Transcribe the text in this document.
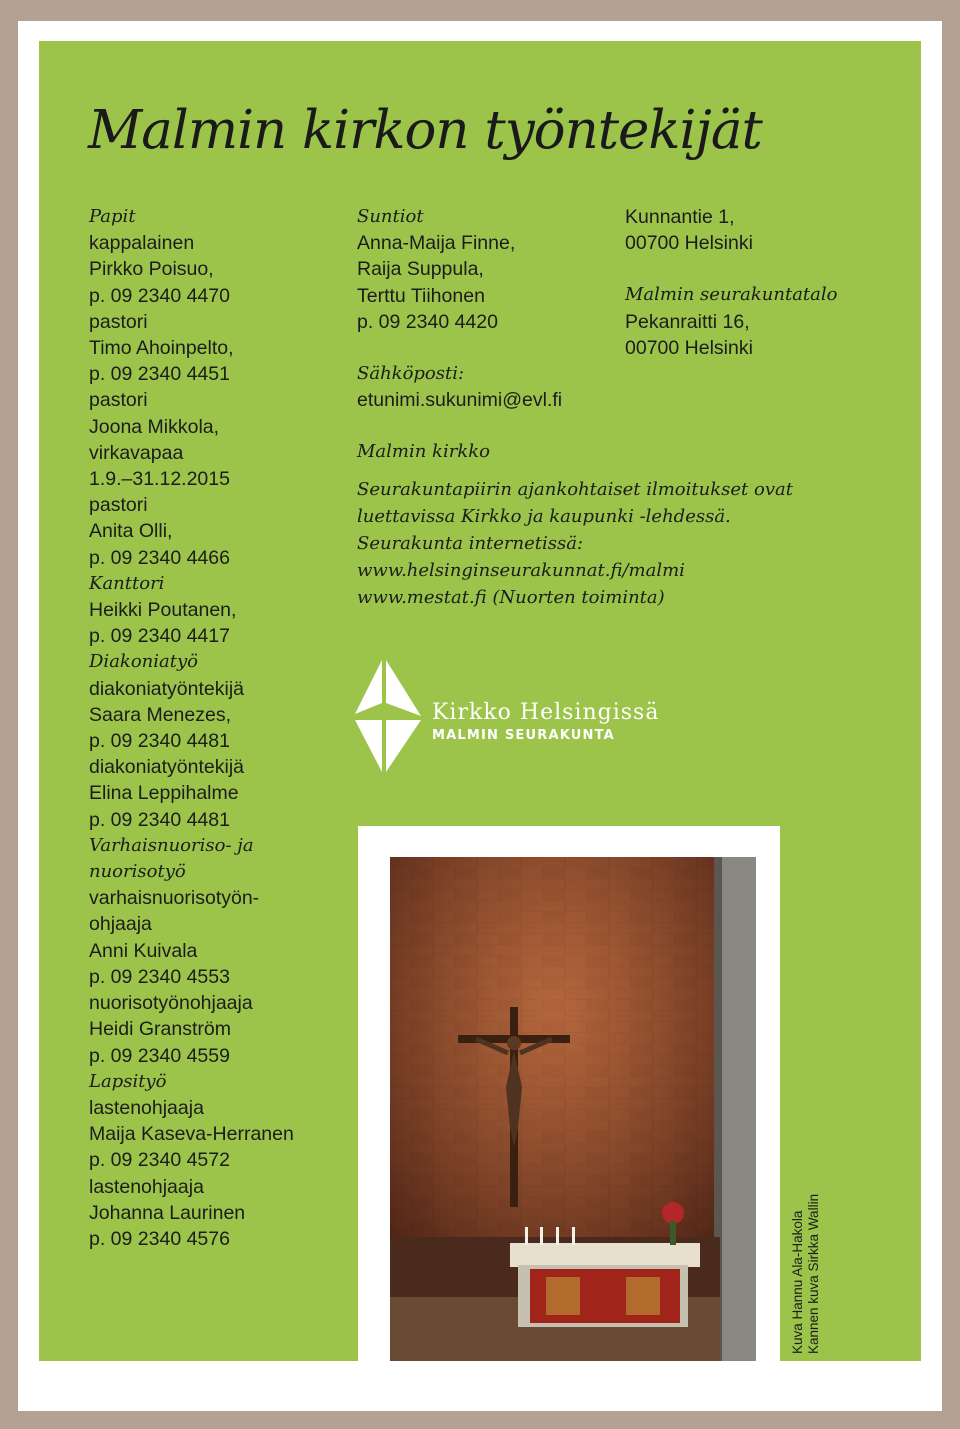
Malmin kirkon työntekijät
Papit
kappalainen
Pirkko Poisuo,
p. 09 2340 4470
pastori
Timo Ahoinpelto,
p. 09 2340 4451
pastori
Joona Mikkola,
virkavapaa
1.9.–31.12.2015
pastori
Anita Olli,
p. 09 2340 4466
Kanttori
Heikki Poutanen,
p. 09 2340 4417
Diakoniatyö
diakoniatyöntekijä
Saara Menezes,
p. 09 2340 4481
diakoniatyöntekijä
Elina Leppihalme
p. 09 2340 4481
Varhaisnuoriso- ja
nuorisotyö
varhaisnuorisotyön-
ohjaaja
Anni Kuivala
p. 09 2340 4553
nuorisotyönohjaaja
Heidi Granström
p. 09 2340 4559
Lapsityö
lastenohjaaja
Maija Kaseva-Herranen
p. 09 2340 4572
lastenohjaaja
Johanna Laurinen
p. 09 2340 4576
Suntiot
Anna-Maija Finne,
Raija Suppula,
Terttu Tiihonen
p. 09 2340 4420
Sähköposti:
etunimi.sukunimi@evl.fi
Malmin kirkko
Kunnantie 1,
00700 Helsinki
Malmin seurakuntatalo
Pekanraitti 16,
00700 Helsinki
Seurakuntapiirin ajankohtaiset ilmoitukset ovat
luettavissa Kirkko ja kaupunki -lehdessä.
Seurakunta internetissä:
www.helsinginseurakunnat.fi/malmi
www.mestat.fi (Nuorten toiminta)
Kirkko Helsingissä
MALMIN SEURAKUNTA
Kuva Hannu Ala-Hakola Kannen kuva Sirkka Wallin
